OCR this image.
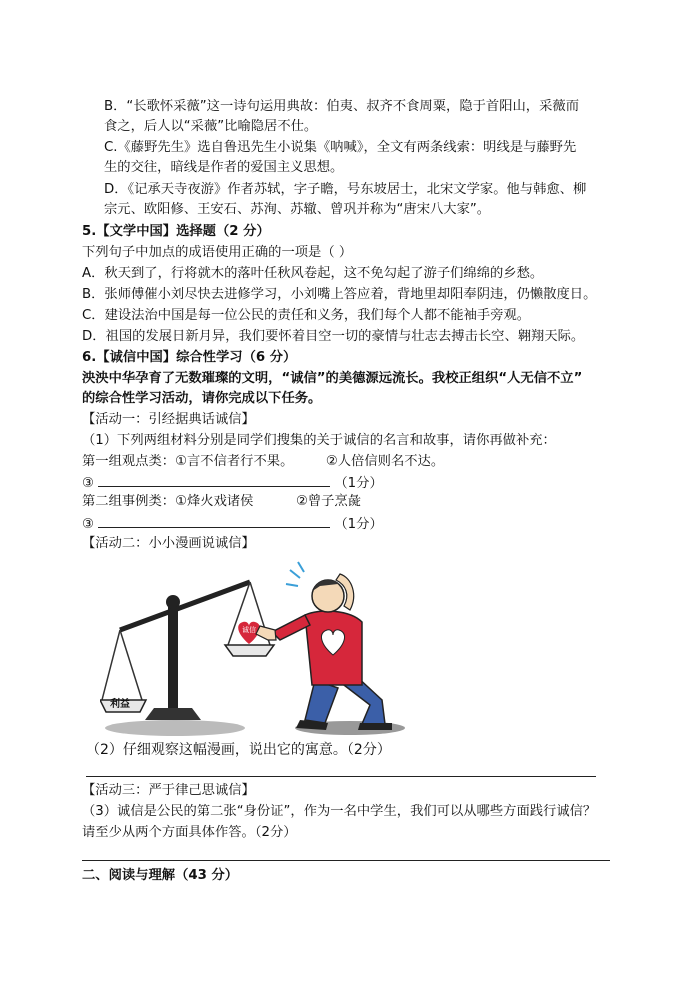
B．“长歌怀采薇”这一诗句运用典故：伯夷、叔齐不食周粟，隐于首阳山，采薇而
食之，后人以“采薇”比喻隐居不仕。
C.《藤野先生》选自鲁迅先生小说集《呐喊》，全文有两条线索：明线是与藤野先
生的交往，暗线是作者的爱国主义思想。
D．《记承天寺夜游》作者苏轼，字子瞻，号东坡居士，北宋文学家。他与韩愈、柳
宗元、欧阳修、王安石、苏洵、苏辙、曾巩并称为“唐宋八大家”。
5.【文学中国】选择题（2 分）
下列句子中加点的成语使用正确的一项是（ ）
A．秋天到了，行将就木的落叶任秋风卷起，这不免勾起了游子们绵绵的乡愁。
B．张师傅催小刘尽快去进修学习，小刘嘴上答应着，背地里却阳奉阴违，仍懒散度日。
C．建设法治中国是每一位公民的责任和义务，我们每个人都不能袖手旁观。
D．祖国的发展日新月异，我们要怀着目空一切的豪情与壮志去搏击长空、翱翔天际。
6.【诚信中国】综合性学习（6 分）
泱泱中华孕育了无数璀璨的文明，“诚信”的美德源远流长。我校正组织“人无信不立”
的综合性学习活动，请你完成以下任务。
【活动一：引经据典话诚信】
（1）下列两组材料分别是同学们搜集的关于诚信的名言和故事，请你再做补充：
第一组观点类：①言不信者行不果。 ②人倍信则名不达。
③	（1分）
第二组事例类：①烽火戏诸侯	②曾子烹彘
③	（1分）
【活动二：小小漫画说诚信】
利益
诚信
（2）仔细观察这幅漫画，说出它的寓意。（2分）
【活动三：严于律己思诚信】
（3）诚信是公民的第二张“身份证”，作为一名中学生，我们可以从哪些方面践行诚信？
请至少从两个方面具体作答。（2分）
二、阅读与理解（43 分）
